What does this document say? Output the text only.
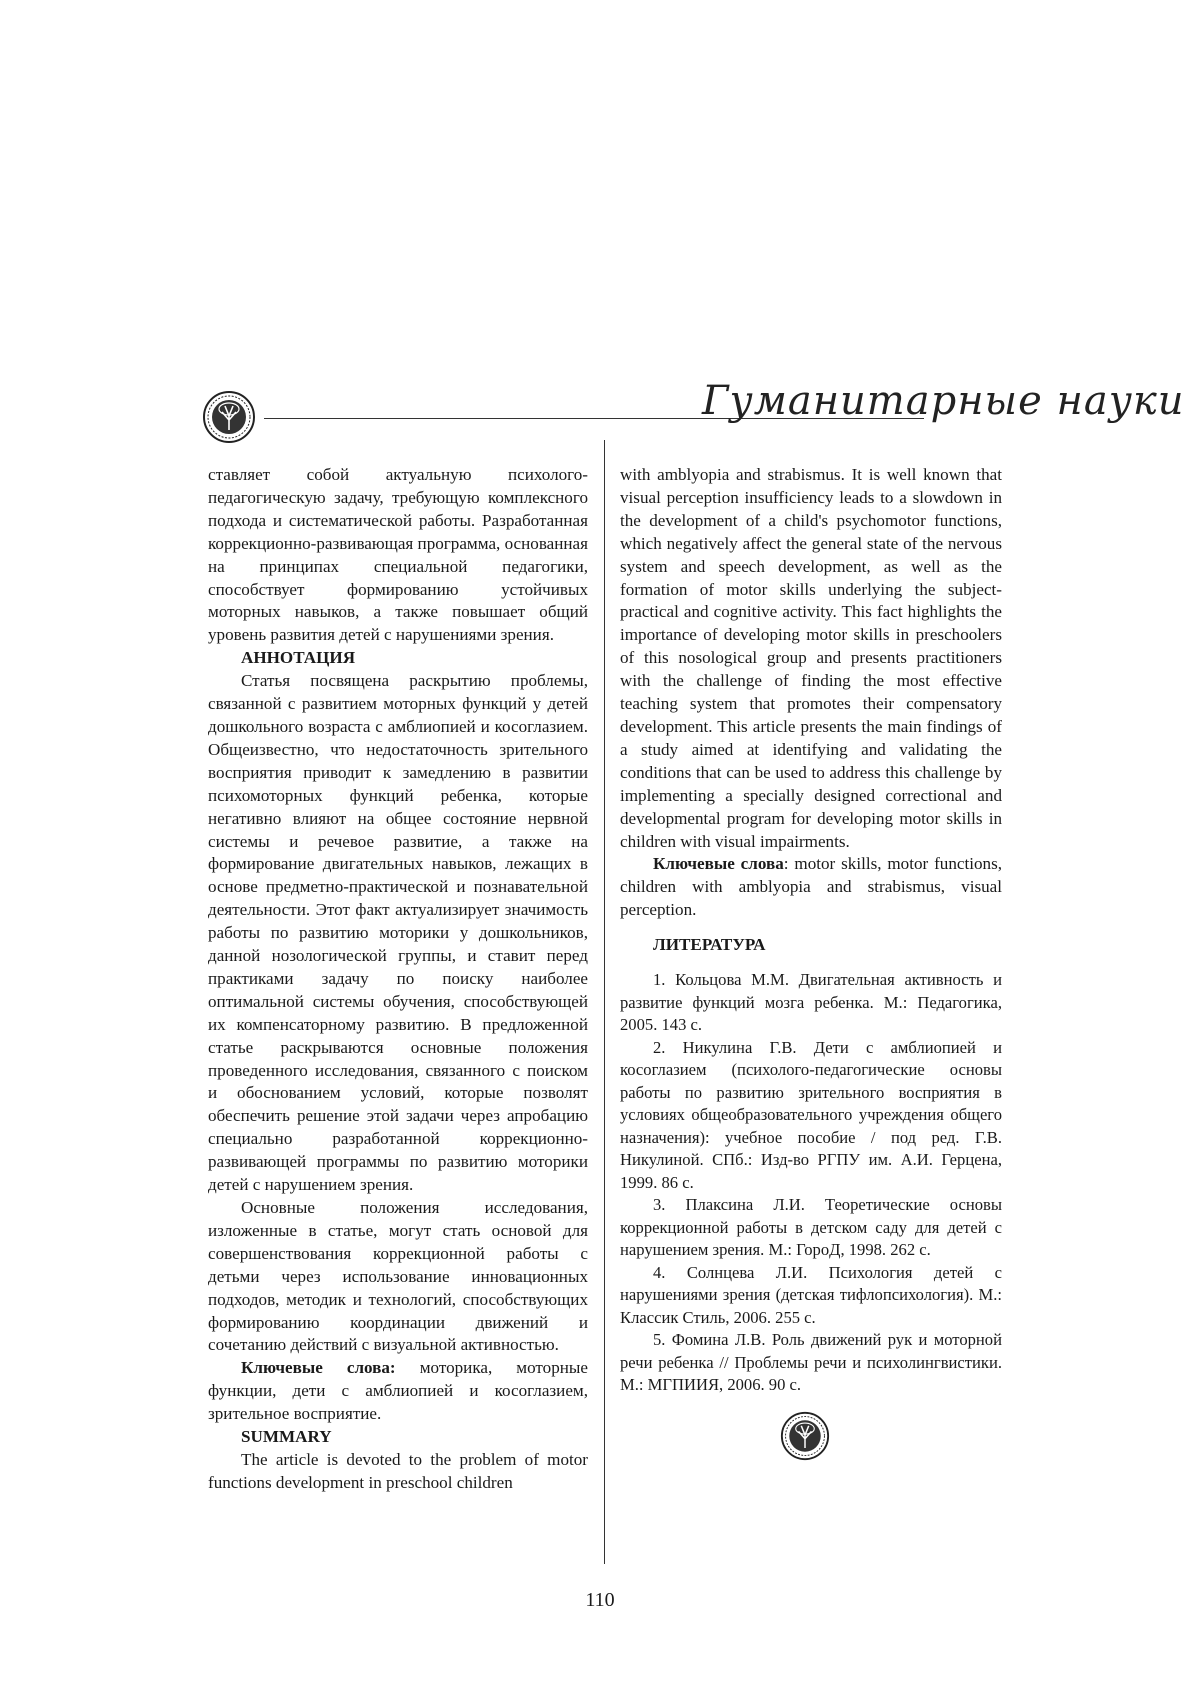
Гуманитарные науки

ставляет собой актуальную психолого-педагогическую задачу, требующую комплексного подхода и систематической работы. Разработанная коррекционно-развивающая программа, основанная на принципах специальной педагогики, способствует формированию устойчивых моторных навыков, а также повышает общий уровень развития детей с нарушениями зрения.

АННОТАЦИЯ

Статья посвящена раскрытию проблемы, связанной с развитием моторных функций у детей дошкольного возраста с амблиопией и косоглазием. Общеизвестно, что недостаточность зрительного восприятия приводит к замедлению в развитии психомоторных функций ребенка, которые негативно влияют на общее состояние нервной системы и речевое развитие, а также на формирование двигательных навыков, лежащих в основе предметно-практической и познавательной деятельности. Этот факт актуализирует значимость работы по развитию моторики у дошкольников, данной нозологической группы, и ставит перед практиками задачу по поиску наиболее оптимальной системы обучения, способствующей их компенсаторному развитию. В предложенной статье раскрываются основные положения проведенного исследования, связанного с поиском и обоснованием условий, которые позволят обеспечить решение этой задачи через апробацию специально разработанной коррекционно-развивающей программы по развитию моторики детей с нарушением зрения.

Основные положения исследования, изложенные в статье, могут стать основой для совершенствования коррекционной работы с детьми через использование инновационных подходов, методик и технологий, способствующих формированию координации движений и сочетанию действий с визуальной активностью.

Ключевые слова: моторика, моторные функции, дети с амблиопией и косоглазием, зрительное восприятие.

SUMMARY

The article is devoted to the problem of motor functions development in preschool children

with amblyopia and strabismus. It is well known that visual perception insufficiency leads to a slowdown in the development of a child's psychomotor functions, which negatively affect the general state of the nervous system and speech development, as well as the formation of motor skills underlying the subject-practical and cognitive activity. This fact highlights the importance of developing motor skills in preschoolers of this nosological group and presents practitioners with the challenge of finding the most effective teaching system that promotes their compensatory development. This article presents the main findings of a study aimed at identifying and validating the conditions that can be used to address this challenge by implementing a specially designed correctional and developmental program for developing motor skills in children with visual impairments.

Ключевые слова: motor skills, motor functions, children with amblyopia and strabismus, visual perception.

ЛИТЕРАТУРА

1. Кольцова М.М. Двигательная активность и развитие функций мозга ребенка. М.: Педагогика, 2005. 143 с.

2. Никулина Г.В. Дети с амблиопией и косоглазием (психолого-педагогические основы работы по развитию зрительного восприятия в условиях общеобразовательного учреждения общего назначения): учебное пособие / под ред. Г.В. Никулиной. СПб.: Изд-во РГПУ им. А.И. Герцена, 1999. 86 с.

3. Плаксина Л.И. Теоретические основы коррекционной работы в детском саду для детей с нарушением зрения. М.: ГороД, 1998. 262 с.

4. Солнцева Л.И. Психология детей с нарушениями зрения (детская тифлопсихология). М.: Классик Стиль, 2006. 255 с.

5. Фомина Л.В. Роль движений рук и моторной речи ребенка // Проблемы речи и психолингвистики. М.: МГПИИЯ, 2006. 90 с.

110
